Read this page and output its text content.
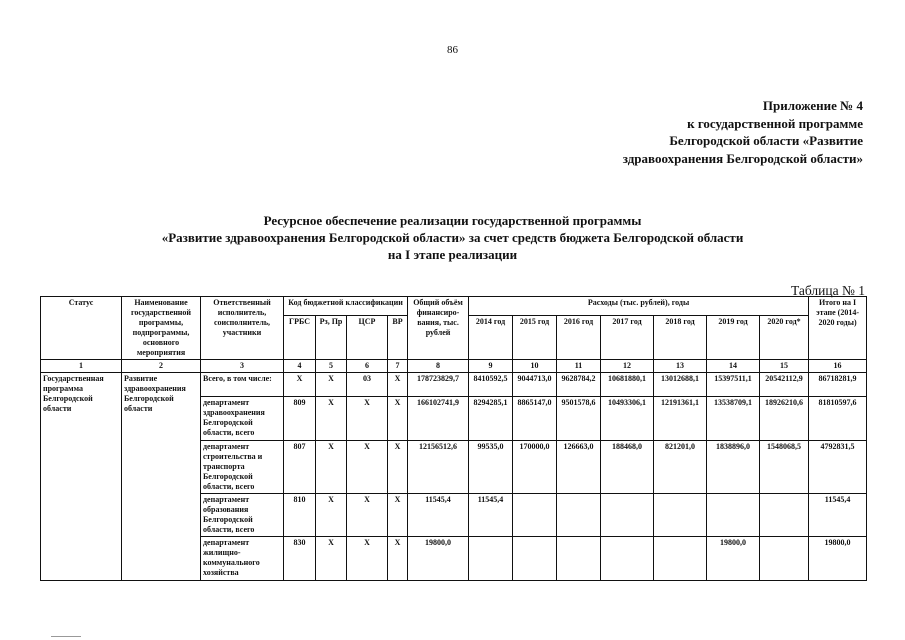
86
Приложение № 4
к государственной программе
Белгородской области «Развитие
здравоохранения Белгородской области»
Ресурсное обеспечение реализации государственной программы
«Развитие здравоохранения Белгородской области» за счет средств бюджета Белгородской области
на I этапе реализации
Таблица № 1
Статус	Наименование государственной программы, подпрограммы, основного мероприятия	Ответственный исполнитель, соисполнитель, участники	Код бюджетной классификации				Общий объём финансиро-вания, тыс. рублей	Расходы (тыс. рублей), годы							Итого на I этапе (2014-2020 годы)
			ГРБС	Рз, Пр	ЦСР	ВР		2014 год	2015 год	2016 год	2017 год	2018 год	2019 год	2020 год*	
1	2	3	4	5	6	7	8	9	10	11	12	13	14	15	16
Государственная программа Белгородской области	Развитие здравоохранения Белгородской области	Всего, в том числе:	X	X	03	X	178723829,7	8410592,5	9044713,0	9628784,2	10681880,1	13012688,1	15397511,1	20542112,9	86718281,9
		департамент здравоохранения Белгородской области, всего	809	X	X	X	166102741,9	8294285,1	8865147,0	9501578,6	10493306,1	12191361,1	13538709,1	18926210,6	81810597,6
		департамент строительства и транспорта Белгородской области, всего	807	X	X	X	12156512,6	99535,0	170000,0	126663,0	188468,0	821201,0	1838896,0	1548068,5	4792831,5
		департамент образования Белгородской области, всего	810	X	X	X	11545,4	11545,4							11545,4
		департамент жилищно-коммунального хозяйства	830	X	X	X	19800,0						19800,0		19800,0
